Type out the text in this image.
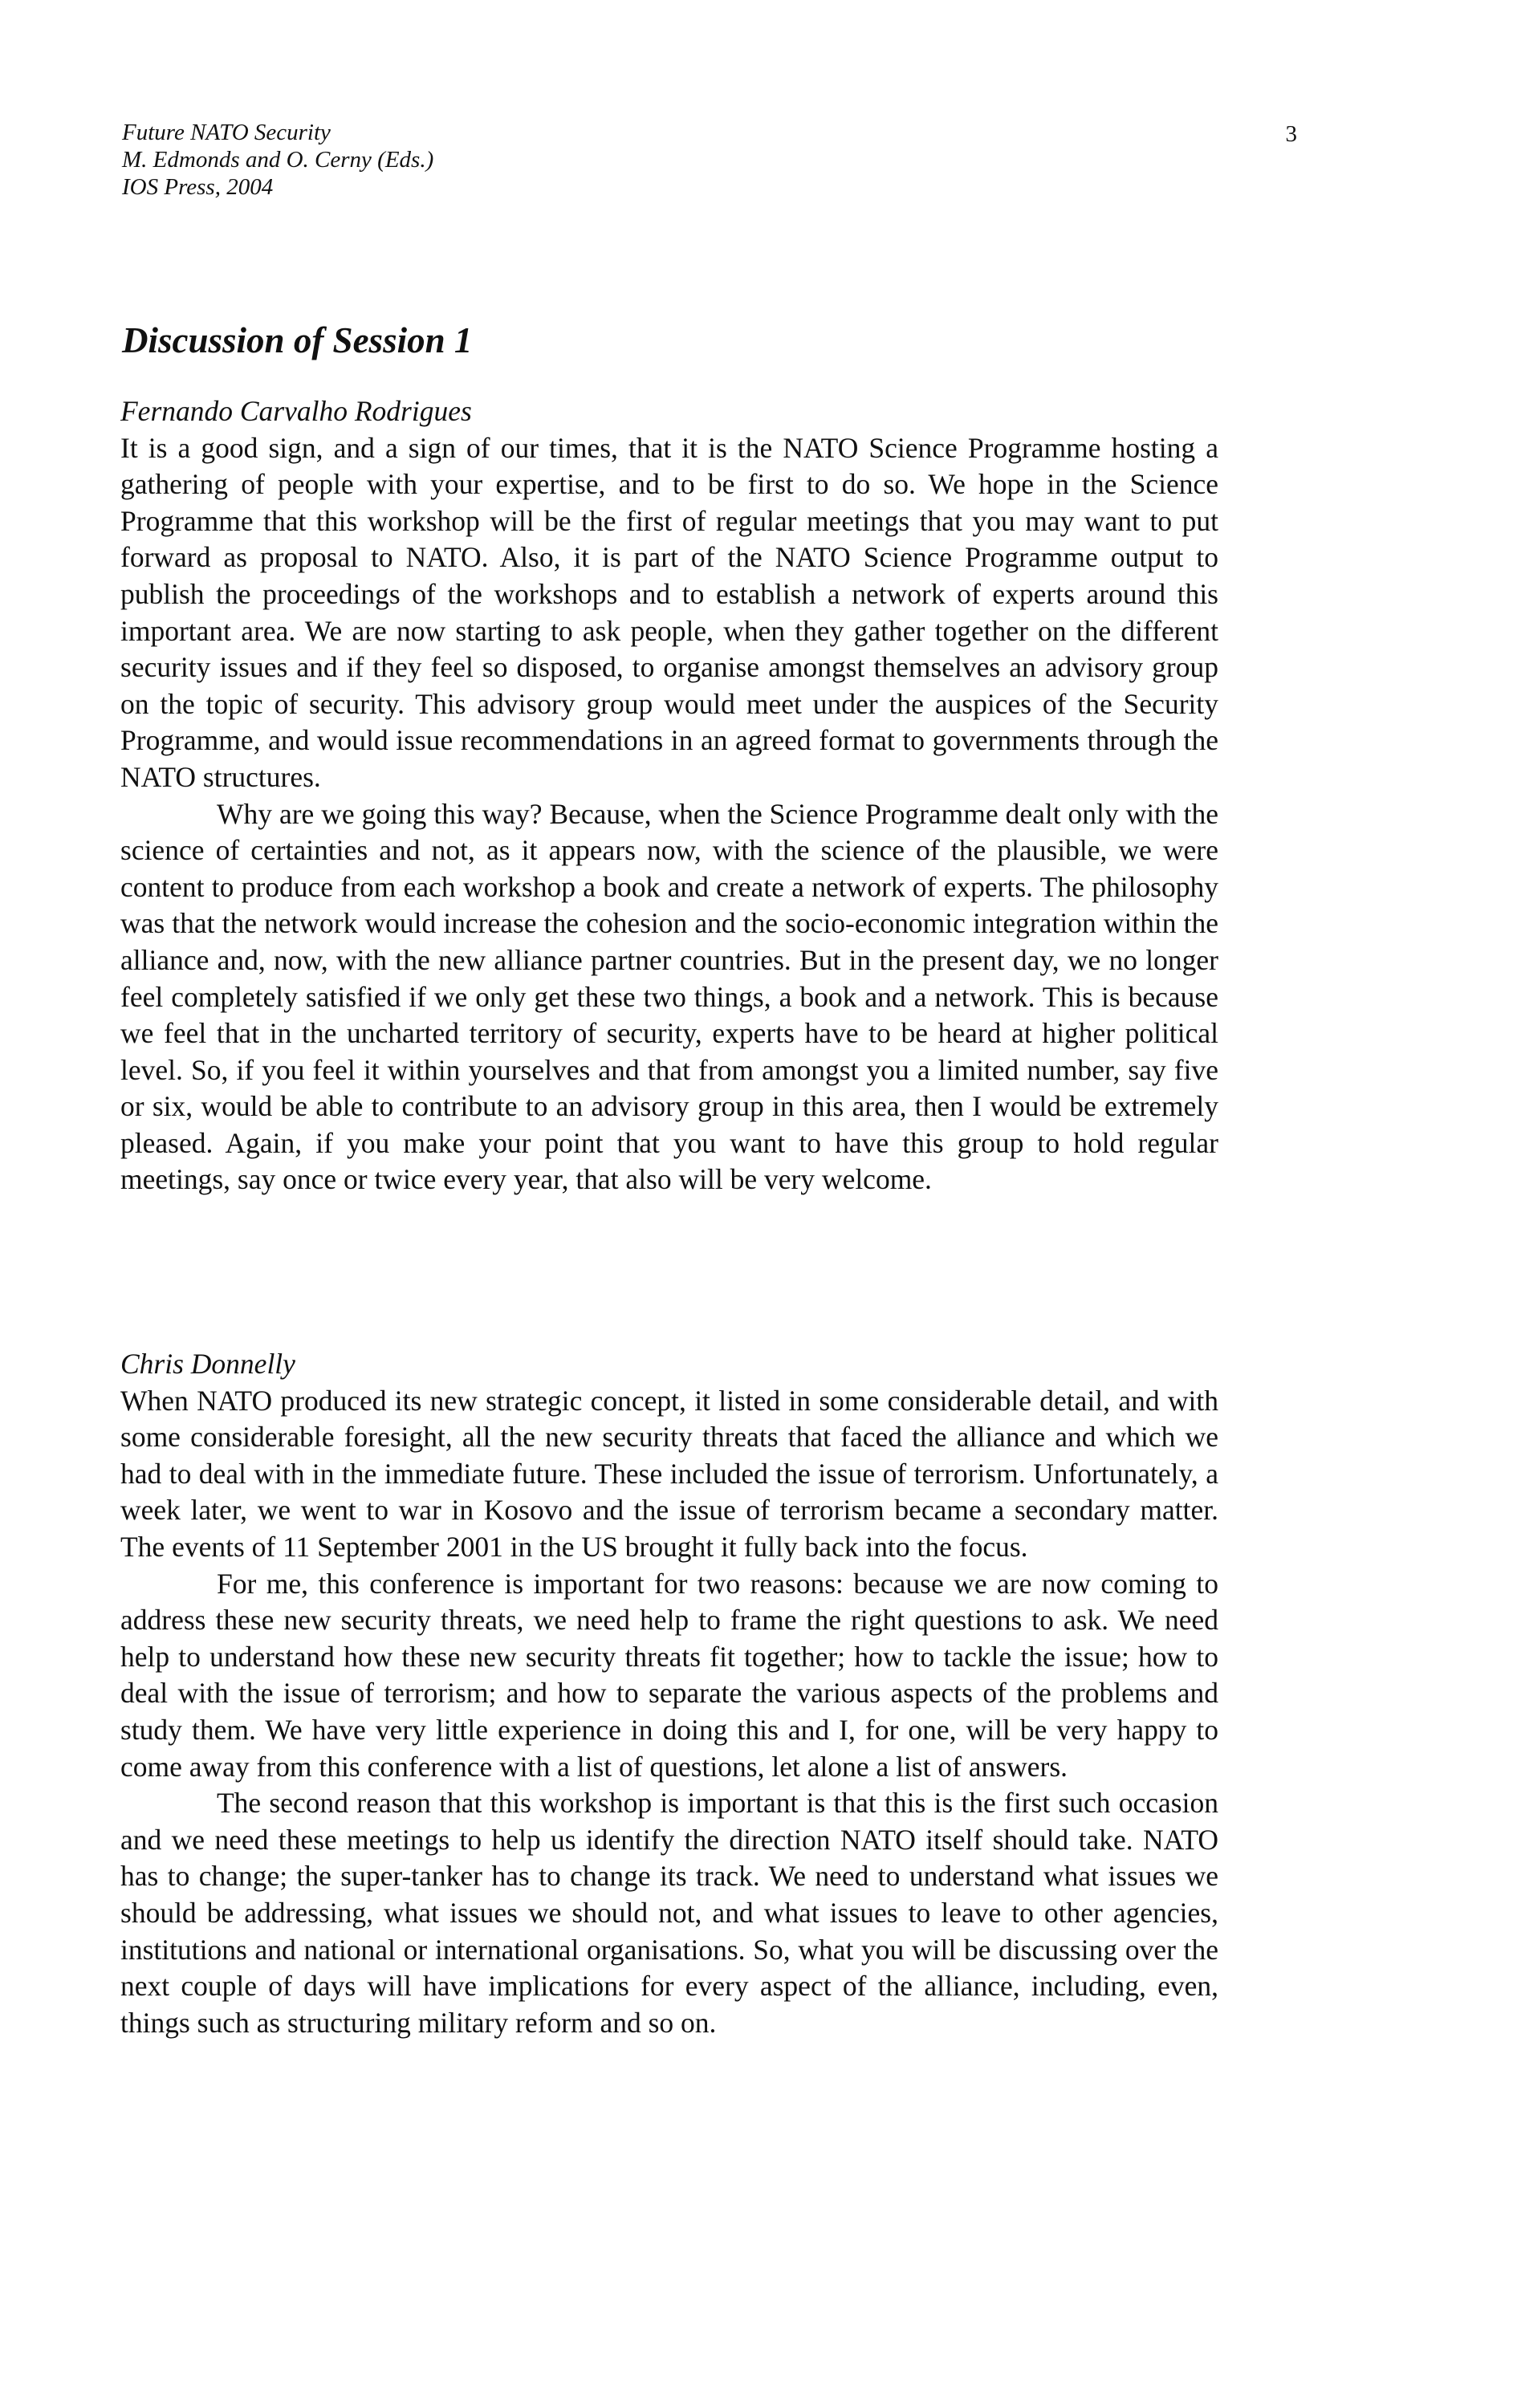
Future NATO Security
M. Edmonds and O. Cerny (Eds.)
IOS Press, 2004
3
Discussion of Session 1
Fernando Carvalho Rodrigues

It is a good sign, and a sign of our times, that it is the NATO Science Programme hosting a gathering of people with your expertise, and to be first to do so. We hope in the Science Programme that this workshop will be the first of regular meetings that you may want to put forward as proposal to NATO. Also, it is part of the NATO Science Programme output to publish the proceedings of the workshops and to establish a network of experts around this important area. We are now starting to ask people, when they gather together on the different security issues and if they feel so disposed, to organise amongst themselves an advisory group on the topic of security. This advisory group would meet under the auspices of the Security Programme, and would issue recommendations in an agreed format to governments through the NATO structures.

Why are we going this way? Because, when the Science Programme dealt only with the science of certainties and not, as it appears now, with the science of the plausible, we were content to produce from each workshop a book and create a network of experts. The philosophy was that the network would increase the cohesion and the socio-economic integration within the alliance and, now, with the new alliance partner countries. But in the present day, we no longer feel completely satisfied if we only get these two things, a book and a network. This is because we feel that in the uncharted territory of security, experts have to be heard at higher political level. So, if you feel it within yourselves and that from amongst you a limited number, say five or six, would be able to contribute to an advisory group in this area, then I would be extremely pleased. Again, if you make your point that you want to have this group to hold regular meetings, say once or twice every year, that also will be very welcome.

Chris Donnelly

When NATO produced its new strategic concept, it listed in some considerable detail, and with some considerable foresight, all the new security threats that faced the alliance and which we had to deal with in the immediate future. These included the issue of terrorism. Unfortunately, a week later, we went to war in Kosovo and the issue of terrorism became a secondary matter. The events of 11 September 2001 in the US brought it fully back into the focus.

For me, this conference is important for two reasons: because we are now coming to address these new security threats, we need help to frame the right questions to ask. We need help to understand how these new security threats fit together; how to tackle the issue; how to deal with the issue of terrorism; and how to separate the various aspects of the problems and study them. We have very little experience in doing this and I, for one, will be very happy to come away from this conference with a list of questions, let alone a list of answers.

The second reason that this workshop is important is that this is the first such occasion and we need these meetings to help us identify the direction NATO itself should take. NATO has to change; the super-tanker has to change its track. We need to understand what issues we should be addressing, what issues we should not, and what issues to leave to other agencies, institutions and national or international organisations. So, what you will be discussing over the next couple of days will have implications for every aspect of the alliance, including, even, things such as structuring military reform and so on.
